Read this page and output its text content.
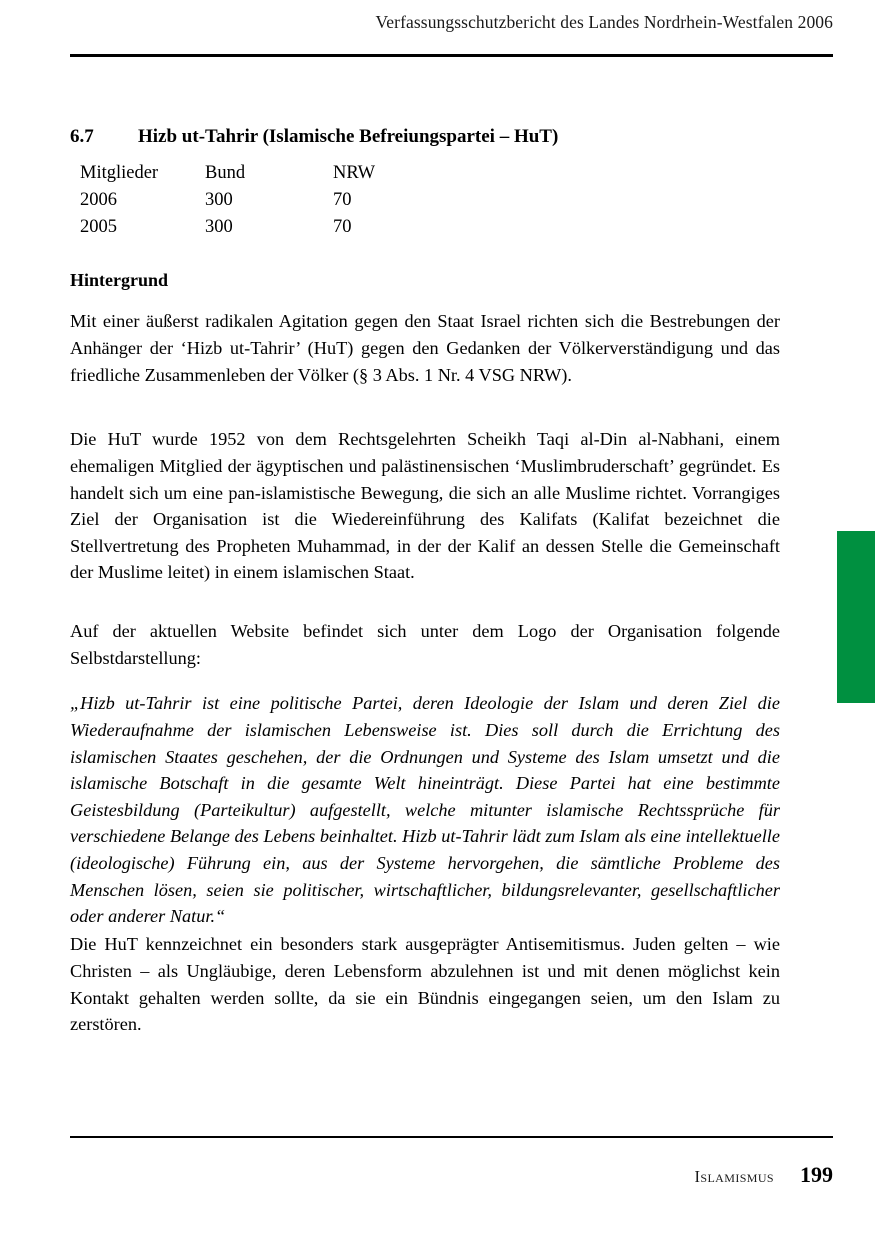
Verfassungsschutzbericht des Landes Nordrhein-Westfalen 2006
6.7 Hizb ut-Tahrir (Islamische Befreiungspartei – HuT)
Mitglieder	Bund	NRW
2006	300	70
2005	300	70
Hintergrund

Mit einer äußerst radikalen Agitation gegen den Staat Israel richten sich die Bestrebungen der Anhänger der ‘Hizb ut-Tahrir’ (HuT) gegen den Gedanken der Völkerverständigung und das friedliche Zusammenleben der Völker (§ 3 Abs. 1 Nr. 4 VSG NRW).

Die HuT wurde 1952 von dem Rechtsgelehrten Scheikh Taqi al-Din al-Nabhani, einem ehemaligen Mitglied der ägyptischen und palästinensischen ‘Muslimbruderschaft’ gegründet. Es handelt sich um eine pan-islamistische Bewegung, die sich an alle Muslime richtet. Vorrangiges Ziel der Organisation ist die Wiedereinführung des Kalifats (Kalifat bezeichnet die Stellvertretung des Propheten Muhammad, in der der Kalif an dessen Stelle die Gemeinschaft der Muslime leitet) in einem islamischen Staat.

Auf der aktuellen Website befindet sich unter dem Logo der Organisation folgende Selbstdarstellung:

„Hizb ut-Tahrir ist eine politische Partei, deren Ideologie der Islam und deren Ziel die Wiederaufnahme der islamischen Lebensweise ist. Dies soll durch die Errichtung des islamischen Staates geschehen, der die Ordnungen und Systeme des Islam umsetzt und die islamische Botschaft in die gesamte Welt hineinträgt. Diese Partei hat eine bestimmte Geistesbildung (Parteikultur) aufgestellt, welche mitunter islamische Rechtssprüche für verschiedene Belange des Lebens beinhaltet. Hizb ut-Tahrir lädt zum Islam als eine intellektuelle (ideologische) Führung ein, aus der Systeme hervorgehen, die sämtliche Probleme des Menschen lösen, seien sie politischer, wirtschaftlicher, bildungsrelevanter, gesellschaftlicher oder anderer Natur.“

Die HuT kennzeichnet ein besonders stark ausgeprägter Antisemitismus. Juden gelten – wie Christen – als Ungläubige, deren Lebensform abzulehnen ist und mit denen möglichst kein Kontakt gehalten werden sollte, da sie ein Bündnis eingegangen seien, um den Islam zu zerstören.

Islamismus 199
